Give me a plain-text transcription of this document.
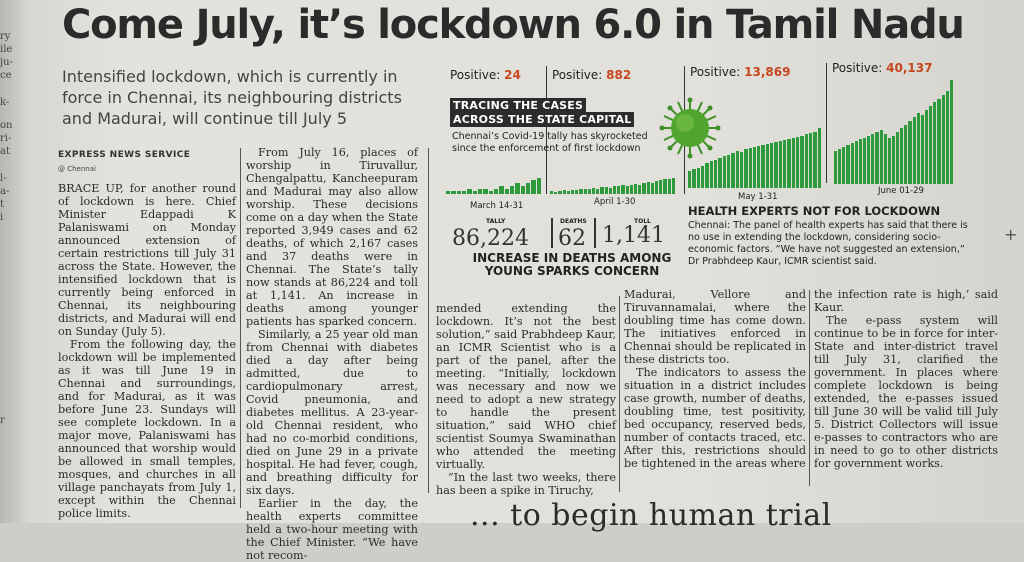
ry
ile
ju-
ce
k-
on
ri-
at
l-
a-
t
i
r
Come July, it’s lockdown 6.0 in Tamil Nadu
Intensified lockdown, which is currently in force in Chennai, its neighbouring districts and Madurai, will continue till July 5
EXPRESS NEWS SERVICE
@ Chennai

BRACE UP, for another round of lockdown is here. Chief Minister Edappadi K Palaniswami on Monday announced extension of certain restrictions till July 31 across the State. However, the intensified lockdown that is currently being enforced in Chennai, its neighbouring districts, and Madurai will end on Sunday (July 5).

From the following day, the lockdown will be implemented as it was till June 19 in Chennai and surroundings, and for Madurai, as it was before June 23. Sundays will see complete lockdown. In a major move, Palaniswami has announced that worship would be allowed in small temples, mosques, and churches in all village panchayats from July 1, except within the Chennai police limits.

From July 16, places of worship in Tiruvallur, Chengalpattu, Kancheepuram and Madurai may also allow worship. These decisions come on a day when the State reported 3,949 cases and 62 deaths, of which 2,167 cases and 37 deaths were in Chennai. The State’s tally now stands at 86,224 and toll at 1,141. An increase in deaths among younger patients has sparked concern.

Similarly, a 25 year old man from Chennai with diabetes died a day after being admitted, due to cardiopulmonary arrest, Covid pneumonia, and diabetes mellitus. A 23-year-old Chennai resident, who had no co-morbid conditions, died on June 29 in a private hospital. He had fever, cough, and breathing difficulty for six days.

Earlier in the day, the health experts committee held a two-hour meeting with the Chief Minister. “We have not recom-

Positive: 24	Positive: 882	Positive: 13,869	Positive: 40,137
TRACING THE CASES
ACROSS THE STATE CAPITAL
Chennai’s Covid-19 tally has skyrocketed since the enforcement of first lockdown
March 14-31	April 1-30	May 1-31
June 01-29
TALLY
86,224
DEATHS
62
TOLL
1,141
INCREASE IN DEATHS AMONG
YOUNG SPARKS CONCERN
HEALTH EXPERTS NOT FOR LOCKDOWN
Chennai: The panel of health experts has said that there is no use in extending the lockdown, considering socio-economic factors. “We have not suggested an extension,” Dr Prabhdeep Kaur, ICMR scientist said.

mended extending the lockdown. It’s not the best solution,” said Prabhdeep Kaur, an ICMR Scientist who is a part of the panel, after the meeting. “Initially, lockdown was necessary and now we need to adopt a new strategy to handle the present situation,” said WHO chief scientist Soumya Swaminathan who attended the meeting virtually.

“In the last two weeks, there has been a spike in Tiruchy,

Madurai, Vellore and Tiruvannamalai, where the doubling time has come down. The initiatives enforced in Chennai should be replicated in these districts too.

The indicators to assess the situation in a district includes case growth, number of deaths, doubling time, test positivity, bed occupancy, reserved beds, number of contacts traced, etc. After this, restrictions should be tightened in the areas where

the infection rate is high,’ said Kaur.

The e-pass system will continue to be in force for inter-State and inter-district travel till July 31, clarified the government. In places where complete lockdown is being extended, the e-passes issued till June 30 will be valid till July 5. District Collectors will issue e-passes to contractors who are in need to go to other districts for government works.

... to begin human trial
+
